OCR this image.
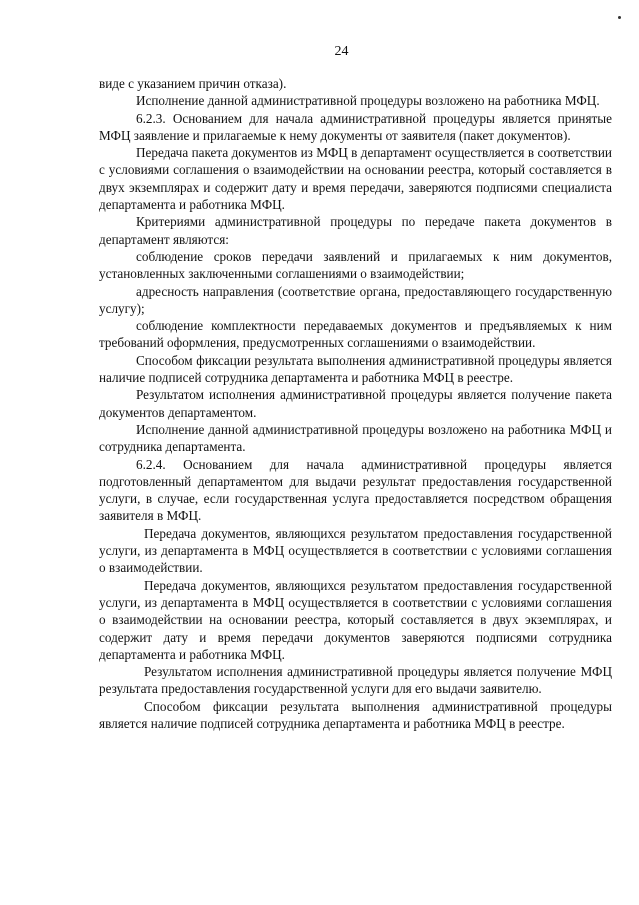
24

виде с указанием причин отказа).

Исполнение данной административной процедуры возложено на работника МФЦ.

6.2.3. Основанием для начала административной процедуры является принятые МФЦ заявление и прилагаемые к нему документы от заявителя (пакет документов).

Передача пакета документов из МФЦ в департамент осуществляется в соответствии с условиями соглашения о взаимодействии на основании реестра, который составляется в двух экземплярах и содержит дату и время передачи, заверяются подписями специалиста департамента и работника МФЦ.

Критериями административной процедуры по передаче пакета документов в департамент являются:

соблюдение сроков передачи заявлений и прилагаемых к ним документов, установленных заключенными соглашениями о взаимодействии;

адресность направления (соответствие органа, предоставляющего государственную услугу);

соблюдение комплектности передаваемых документов и предъявляемых к ним требований оформления, предусмотренных соглашениями о взаимодействии.

Способом фиксации результата выполнения административной процедуры является наличие подписей сотрудника департамента и работника МФЦ в реестре.

Результатом исполнения административной процедуры является получение пакета документов департаментом.

Исполнение данной административной процедуры возложено на работника МФЦ и сотрудника департамента.

6.2.4. Основанием для начала административной процедуры является подготовленный департаментом для выдачи результат предоставления государственной услуги, в случае, если государственная услуга предоставляется посредством обращения заявителя в МФЦ.

Передача документов, являющихся результатом предоставления государственной услуги, из департамента в МФЦ осуществляется в соответствии с условиями соглашения о взаимодействии.

Передача документов, являющихся результатом предоставления государственной услуги, из департамента в МФЦ осуществляется в соответствии с условиями соглашения о взаимодействии на основании реестра, который составляется в двух экземплярах, и содержит дату и время передачи документов заверяются подписями сотрудника департамента и работника МФЦ.

Результатом исполнения административной процедуры является получение МФЦ результата предоставления государственной услуги для его выдачи заявителю.

Способом фиксации результата выполнения административной процедуры является наличие подписей сотрудника департамента и работника МФЦ в реестре.
